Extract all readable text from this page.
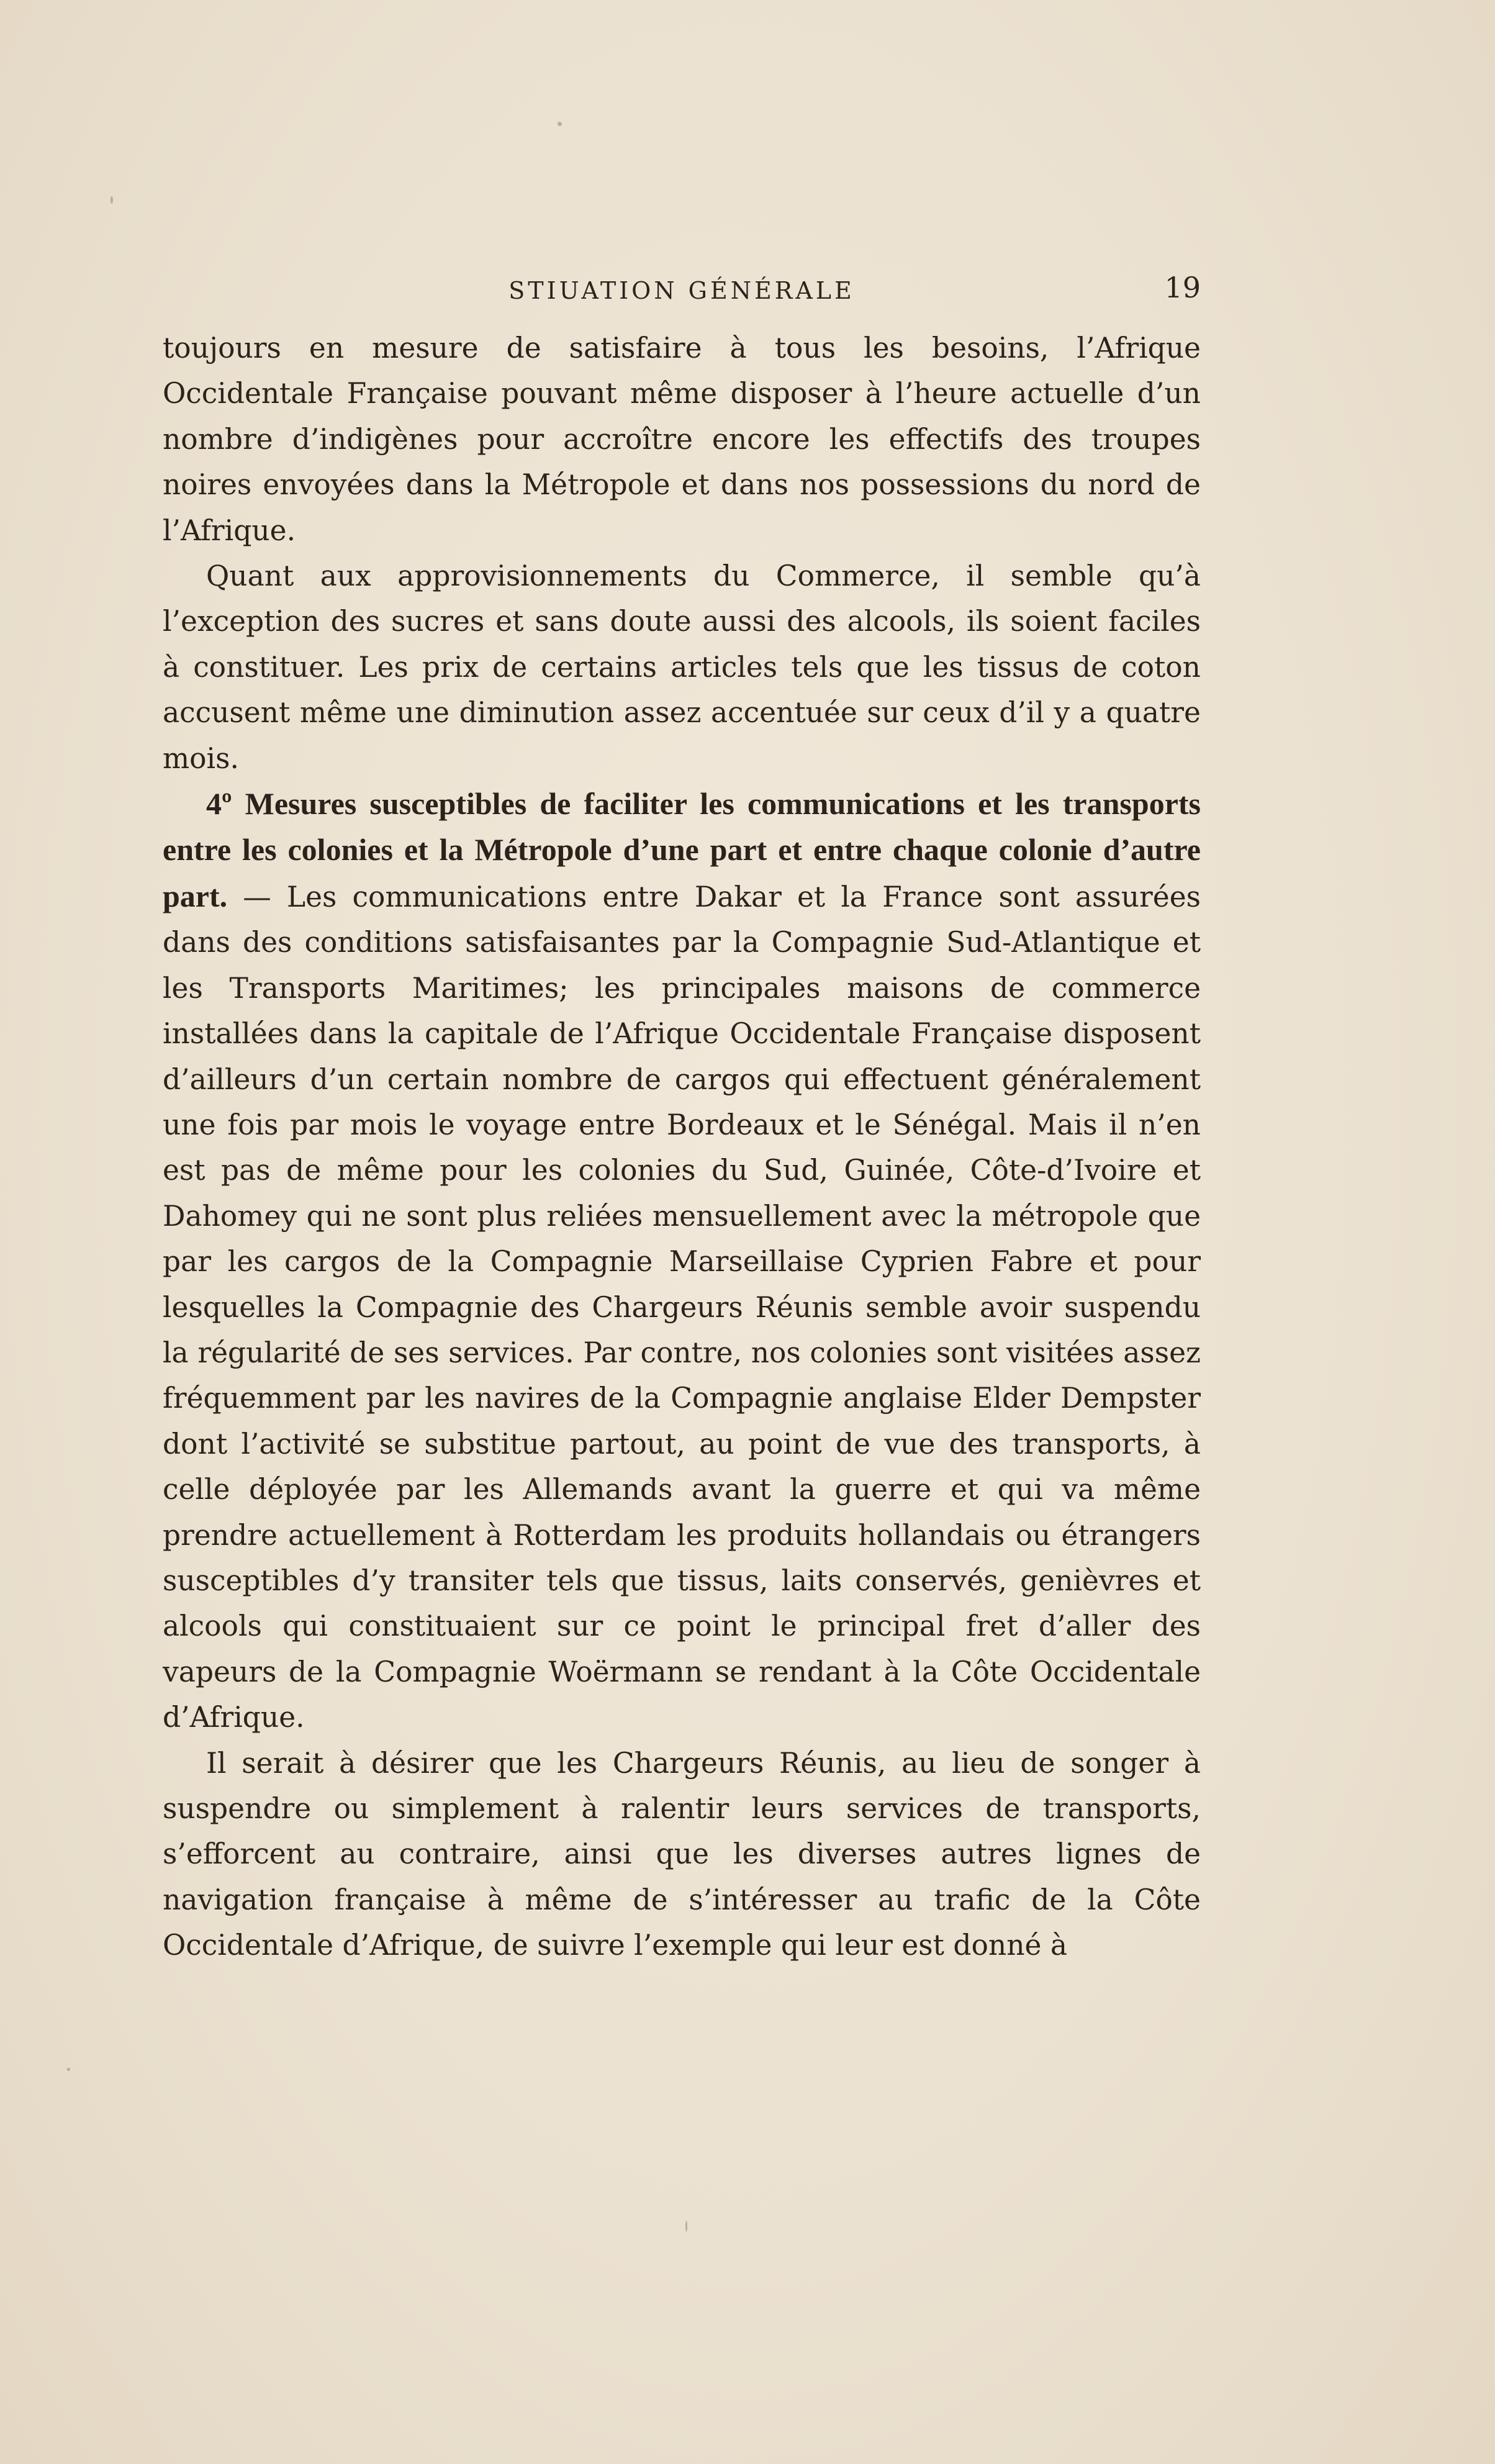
STIUATION GÉNÉRALE	19

toujours en mesure de satisfaire à tous les besoins, l’Afrique Occidentale Française pouvant même disposer à l’heure actuelle d’un nombre d’indigènes pour accroître encore les effectifs des troupes noires envoyées dans la Métropole et dans nos possessions du nord de l’Afrique.

Quant aux approvisionnements du Commerce, il semble qu’à l’exception des sucres et sans doute aussi des alcools, ils soient faciles à constituer. Les prix de certains articles tels que les tissus de coton accusent même une diminution assez accentuée sur ceux d’il y a quatre mois.

4º Mesures susceptibles de faciliter les communications et les transports entre les colonies et la Métropole d’une part et entre chaque colonie d’autre part. — Les communications entre Dakar et la France sont assurées dans des conditions satisfaisantes par la Compagnie Sud-Atlantique et les Transports Maritimes; les principales maisons de commerce installées dans la capitale de l’Afrique Occidentale Française disposent d’ailleurs d’un certain nombre de cargos qui effectuent généralement une fois par mois le voyage entre Bordeaux et le Sénégal. Mais il n’en est pas de même pour les colonies du Sud, Guinée, Côte-d’Ivoire et Dahomey qui ne sont plus reliées mensuellement avec la métropole que par les cargos de la Compagnie Marseillaise Cyprien Fabre et pour lesquelles la Compagnie des Chargeurs Réunis semble avoir suspendu la régularité de ses services. Par contre, nos colonies sont visitées assez fréquemment par les navires de la Compagnie anglaise Elder Dempster dont l’activité se substitue partout, au point de vue des transports, à celle déployée par les Allemands avant la guerre et qui va même prendre actuellement à Rotterdam les produits hollandais ou étrangers susceptibles d’y transiter tels que tissus, laits conservés, genièvres et alcools qui constituaient sur ce point le principal fret d’aller des vapeurs de la Compagnie Woërmann se rendant à la Côte Occidentale d’Afrique.

Il serait à désirer que les Chargeurs Réunis, au lieu de songer à suspendre ou simplement à ralentir leurs services de transports, s’efforcent au contraire, ainsi que les diverses autres lignes de navigation française à même de s’intéresser au trafic de la Côte Occidentale d’Afrique, de suivre l’exemple qui leur est donné à
